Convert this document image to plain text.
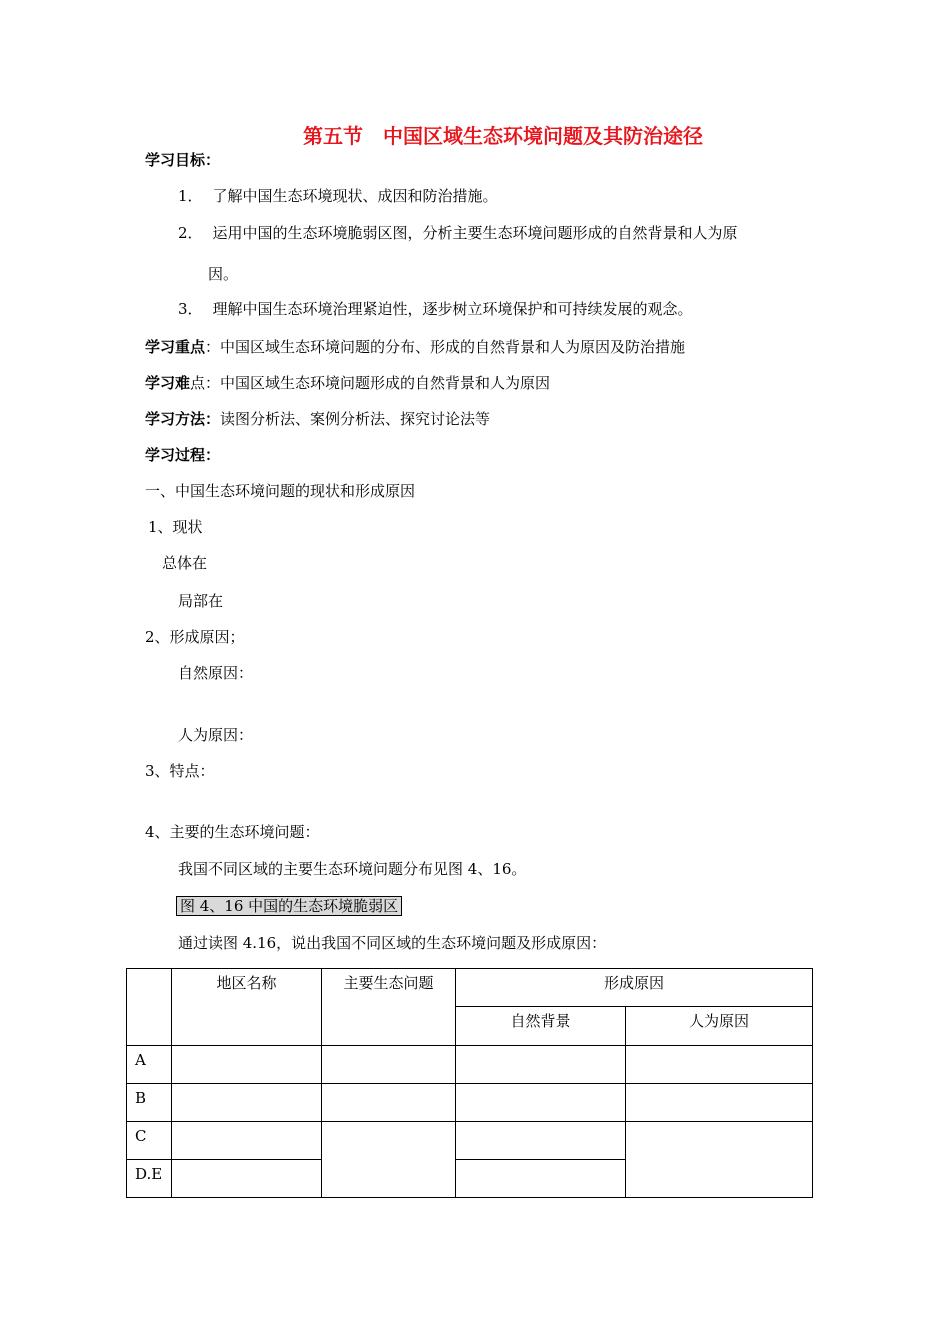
第五节　中国区域生态环境问题及其防治途径
学习目标：
1． 了解中国生态环境现状、成因和防治措施。
2． 运用中国的生态环境脆弱区图，分析主要生态环境问题形成的自然背景和人为原
因。
3． 理解中国生态环境治理紧迫性，逐步树立环境保护和可持续发展的观念。
学习重点：中国区域生态环境问题的分布、形成的自然背景和人为原因及防治措施
学习难点：中国区域生态环境问题形成的自然背景和人为原因
学习方法：读图分析法、案例分析法、探究讨论法等
学习过程：
一、中国生态环境问题的现状和形成原因
1、现状
总体在
局部在
2、形成原因；
自然原因：
人为原因：
3、特点：
4、主要的生态环境问题：
我国不同区域的主要生态环境问题分布见图 4、16。
图 4、16 中国的生态环境脆弱区
通过读图 4.16，说出我国不同区域的生态环境问题及形成原因：
	地区名称	主要生态问题	形成原因	
			自然背景	人为原因
A				
B				
C				
D.E				
